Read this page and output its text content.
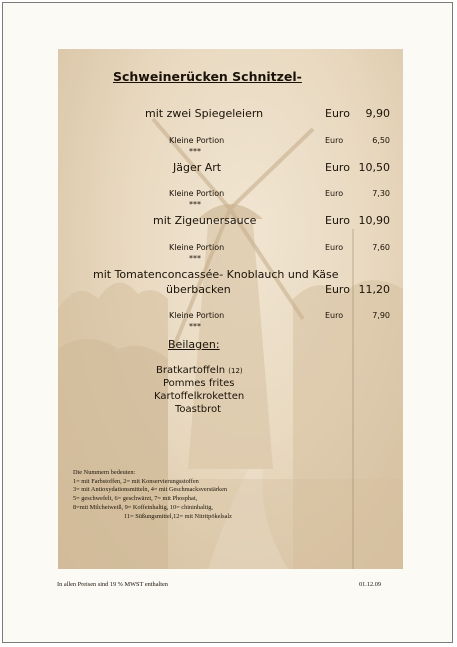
Schweinerücken Schnitzel-
mit zwei Spiegeleiern	Euro 9,90
Kleine Portion	Euro	6,50
***
Jäger Art	Euro 10,50
Kleine Portion	Euro	7,30
***
mit Zigeunersauce	Euro 10,90
Kleine Portion	Euro	7,60
***
mit Tomatenconcassée- Knoblauch und Käse
überbacken	Euro 11,20
Kleine Portion	Euro	7,90
***
Beilagen:
Bratkartoffeln (12)
Pommes frites
Kartoffelkroketten
Toastbrot
Die Nummern bedeuten:
1= mit Farbstoffen, 2= mit Konservierungsstoffen
3= mit Antioxydationsmitteln, 4= mit Geschmacksverstärken
5= geschwefelt, 6= geschwärzt, 7= mit Phosphat,
8=mit Milcheiweiß, 9= Koffeinhaltig, 10= chininhaltig,
11= Süßungsmittel,12= mit Nitritpökelsalz
In allen Preisen sind 19 % MWST enthalten	01.12.09
